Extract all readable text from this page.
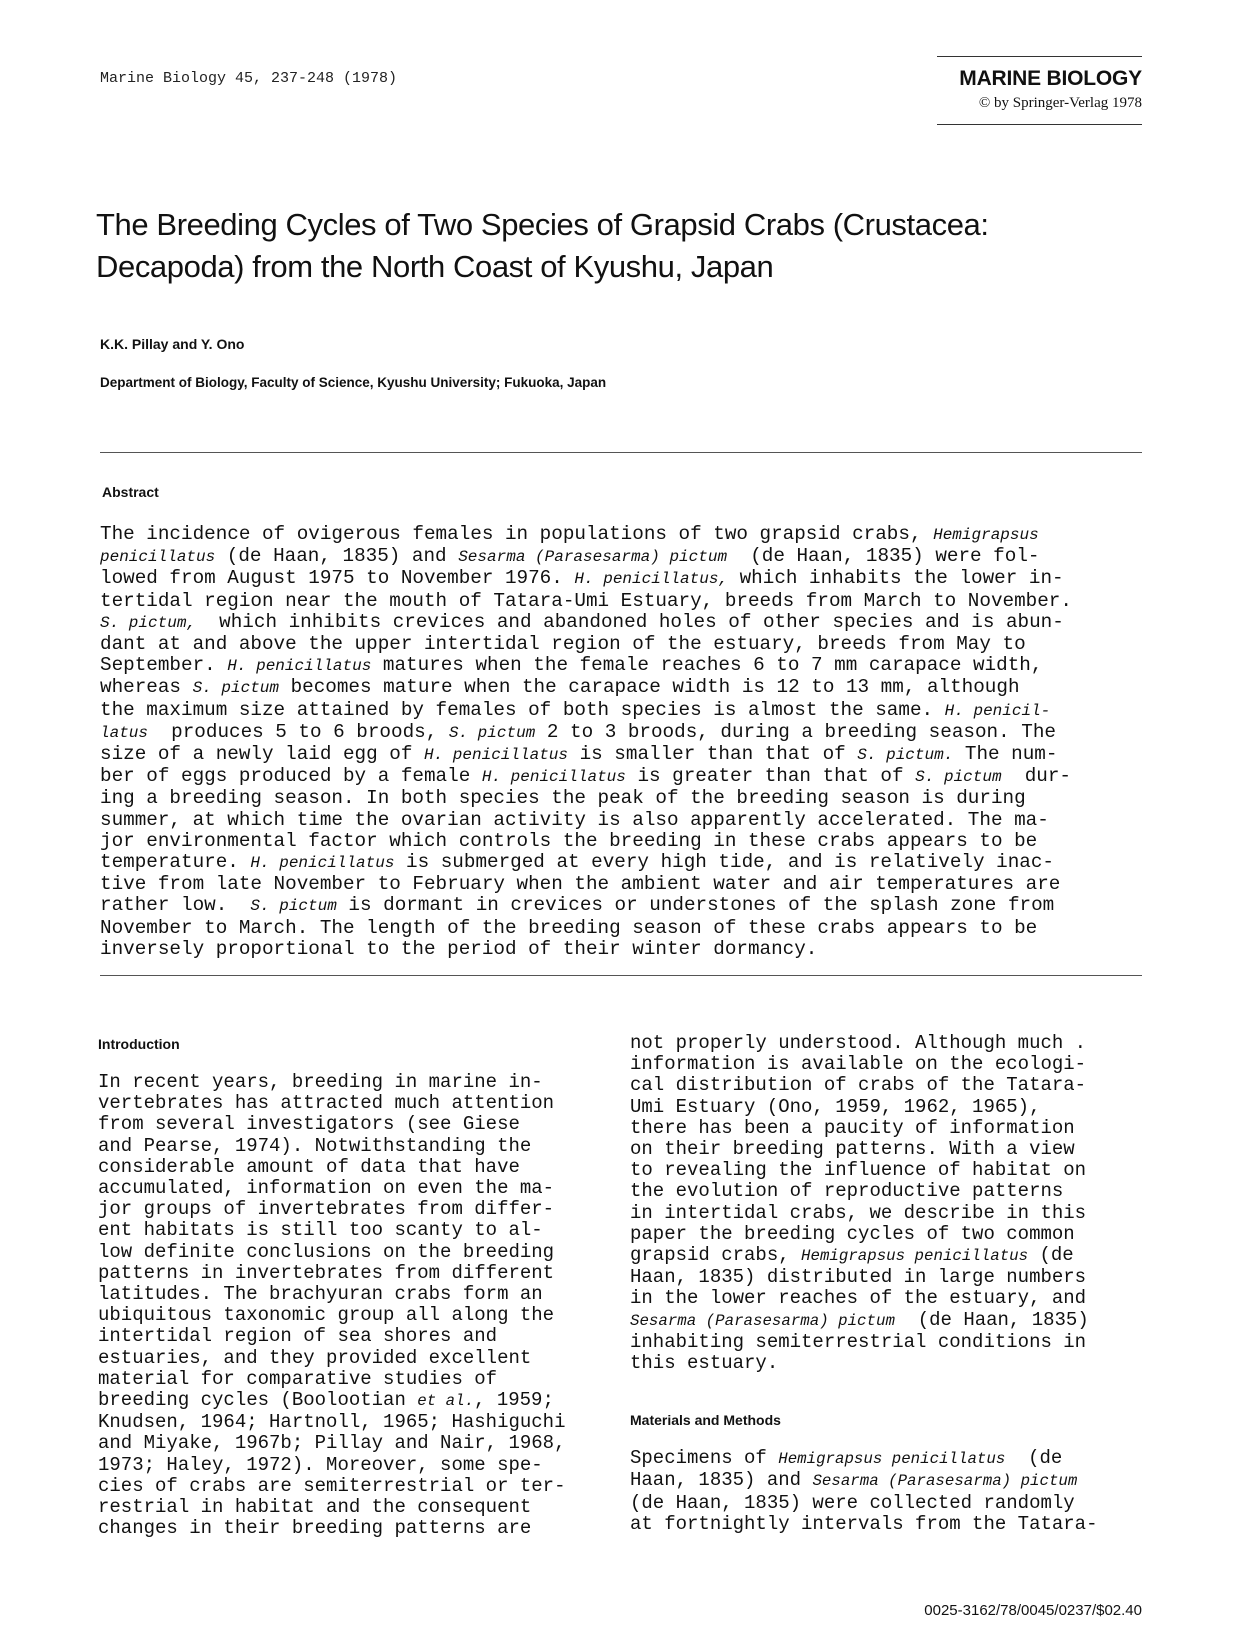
Marine Biology 45, 237-248 (1978)	MARINE BIOLOGY
© by Springer-Verlag 1978
The Breeding Cycles of Two Species of Grapsid Crabs (Crustacea:
Decapoda) from the North Coast of Kyushu, Japan
K.K. Pillay and Y. Ono
Department of Biology, Faculty of Science, Kyushu University; Fukuoka, Japan
Abstract
The incidence of ovigerous females in populations of two grapsid crabs, Hemigrapsus
penicillatus (de Haan, 1835) and Sesarma (Parasesarma) pictum  (de Haan, 1835) were fol-
lowed from August 1975 to November 1976. H. penicillatus, which inhabits the lower in-
tertidal region near the mouth of Tatara-Umi Estuary, breeds from March to November.
S. pictum,  which inhibits crevices and abandoned holes of other species and is abun-
dant at and above the upper intertidal region of the estuary, breeds from May to
September. H. penicillatus matures when the female reaches 6 to 7 mm carapace width,
whereas S. pictum becomes mature when the carapace width is 12 to 13 mm, although
the maximum size attained by females of both species is almost the same. H. penicil-
latus  produces 5 to 6 broods, S. pictum 2 to 3 broods, during a breeding season. The
size of a newly laid egg of H. penicillatus is smaller than that of S. pictum. The num-
ber of eggs produced by a female H. penicillatus is greater than that of S. pictum  dur-
ing a breeding season. In both species the peak of the breeding season is during
summer, at which time the ovarian activity is also apparently accelerated. The ma-
jor environmental factor which controls the breeding in these crabs appears to be
temperature. H. penicillatus is submerged at every high tide, and is relatively inac-
tive from late November to February when the ambient water and air temperatures are
rather low.  S. pictum is dormant in crevices or understones of the splash zone from
November to March. The length of the breeding season of these crabs appears to be
inversely proportional to the period of their winter dormancy.
Introduction
In recent years, breeding in marine in-
vertebrates has attracted much attention
from several investigators (see Giese
and Pearse, 1974). Notwithstanding the
considerable amount of data that have
accumulated, information on even the ma-
jor groups of invertebrates from differ-
ent habitats is still too scanty to al-
low definite conclusions on the breeding
patterns in invertebrates from different
latitudes. The brachyuran crabs form an
ubiquitous taxonomic group all along the
intertidal region of sea shores and
estuaries, and they provided excellent
material for comparative studies of
breeding cycles (Boolootian et al., 1959;
Knudsen, 1964; Hartnoll, 1965; Hashiguchi
and Miyake, 1967b; Pillay and Nair, 1968,
1973; Haley, 1972). Moreover, some spe-
cies of crabs are semiterrestrial or ter-
restrial in habitat and the consequent
changes in their breeding patterns are
not properly understood. Although much .
information is available on the ecologi-
cal distribution of crabs of the Tatara-
Umi Estuary (Ono, 1959, 1962, 1965),
there has been a paucity of information
on their breeding patterns. With a view
to revealing the influence of habitat on
the evolution of reproductive patterns
in intertidal crabs, we describe in this
paper the breeding cycles of two common
grapsid crabs, Hemigrapsus penicillatus (de
Haan, 1835) distributed in large numbers
in the lower reaches of the estuary, and
Sesarma (Parasesarma) pictum  (de Haan, 1835)
inhabiting semiterrestrial conditions in
this estuary.
Materials and Methods
Specimens of Hemigrapsus penicillatus  (de
Haan, 1835) and Sesarma (Parasesarma) pictum
(de Haan, 1835) were collected randomly
at fortnightly intervals from the Tatara-
0025-3162/78/0045/0237/$02.40
